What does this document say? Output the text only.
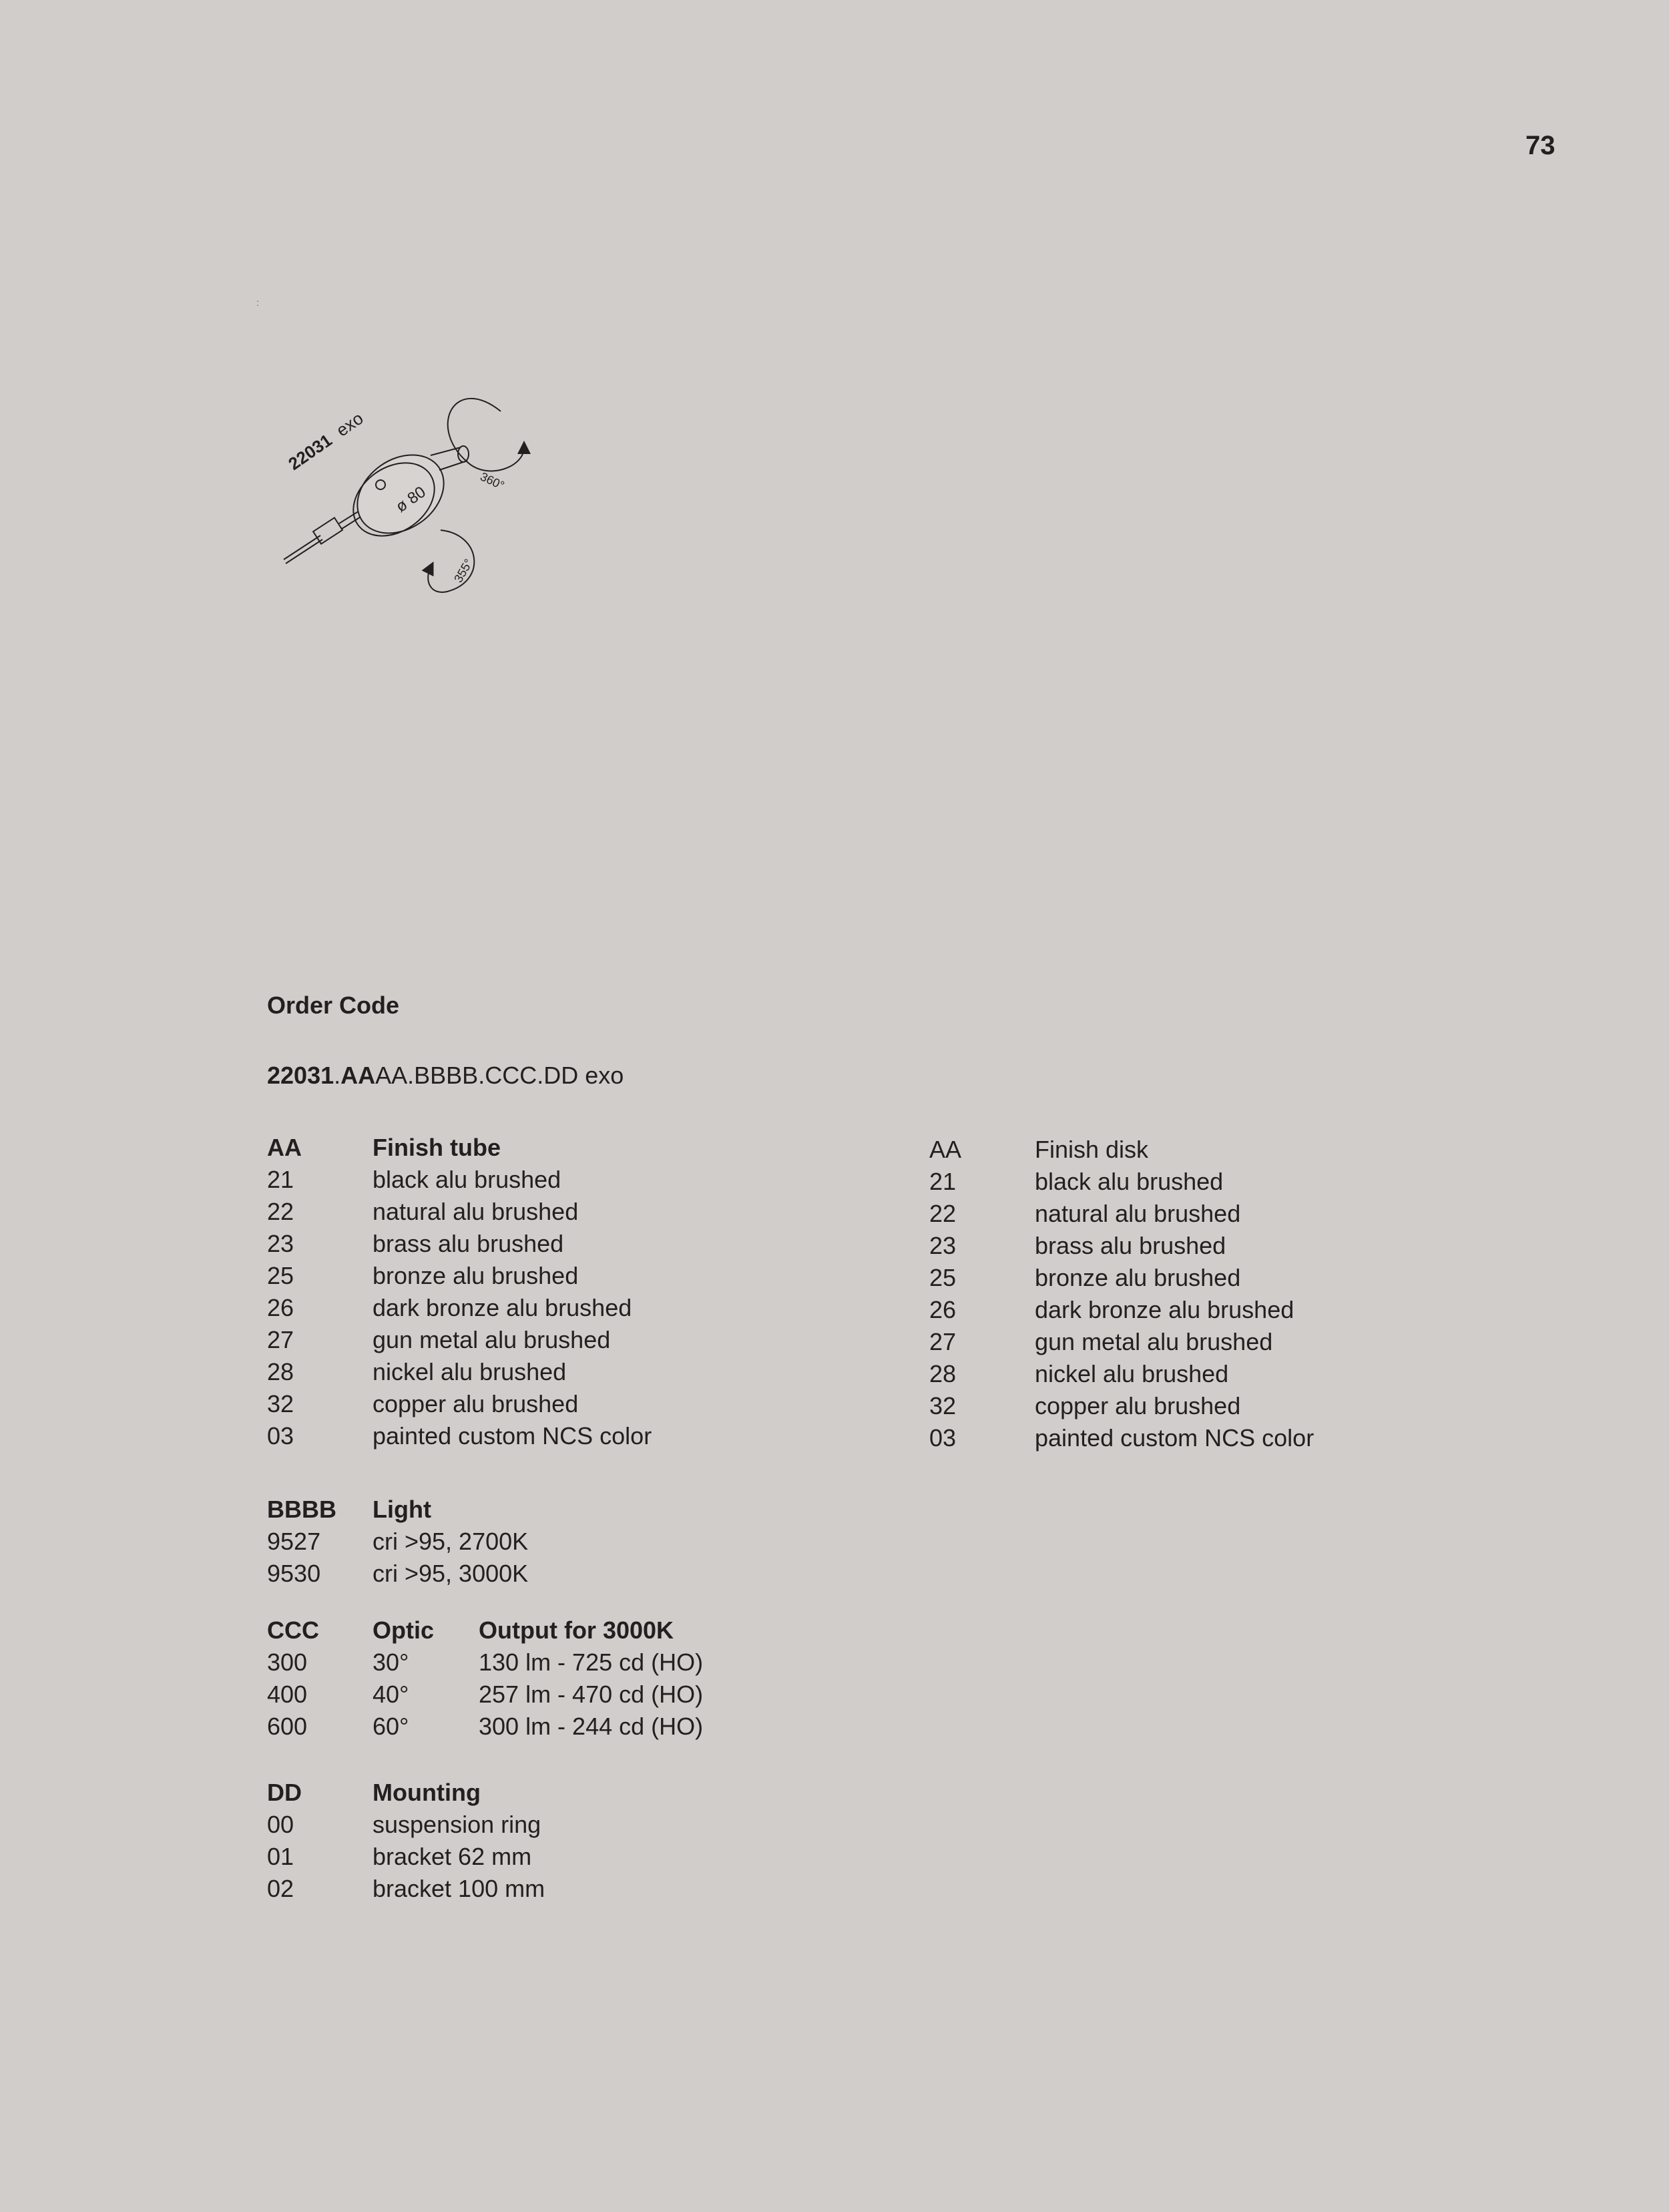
73
:
22031 exo
ø 80
360°
355°
Order Code
22031.AAAA.BBBB.CCC.DD exo
AA	Finish tube
21	black alu brushed
22	natural alu brushed
23	brass alu brushed
25	bronze alu brushed
26	dark bronze alu brushed
27	gun metal alu brushed
28	nickel alu brushed
32	copper alu brushed
03	painted custom NCS color
AA	Finish disk
21	black alu brushed
22	natural alu brushed
23	brass alu brushed
25	bronze alu brushed
26	dark bronze alu brushed
27	gun metal alu brushed
28	nickel alu brushed
32	copper alu brushed
03	painted custom NCS color
BBBB	Light
9527	cri >95, 2700K
9530	cri >95, 3000K
CCC	Optic	Output for 3000K
300	30°	130 lm - 725 cd (HO)
400	40°	257 lm - 470 cd (HO)
600	60°	300 lm - 244 cd (HO)
DD	Mounting
00	suspension ring
01	bracket 62 mm
02	bracket 100 mm
